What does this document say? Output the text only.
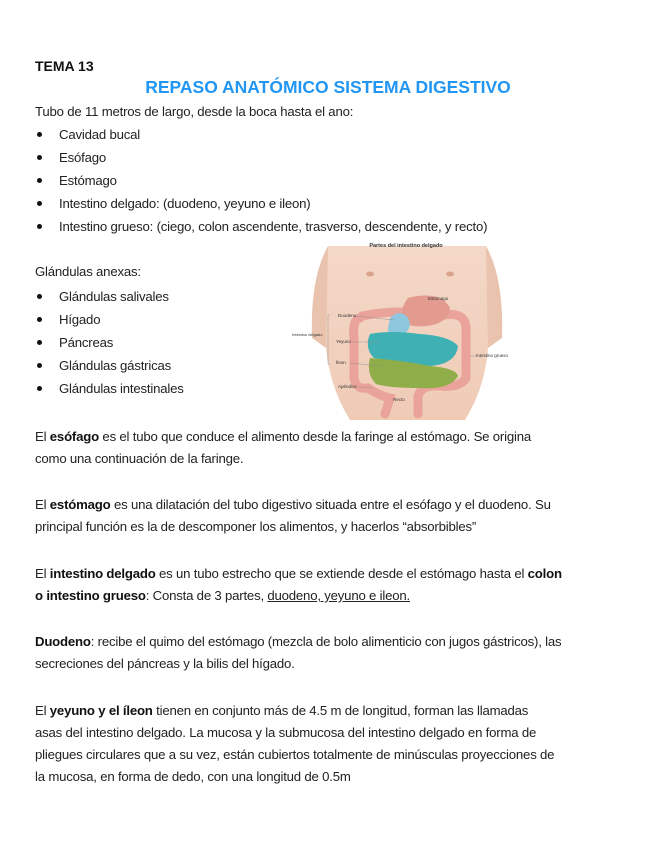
TEMA 13
REPASO ANATÓMICO SISTEMA DIGESTIVO
Tubo de 11 metros de largo, desde la boca hasta el ano:
Cavidad bucal
Esófago
Estómago
Intestino delgado: (duodeno, yeyuno e ileon)
Intestino grueso: (ciego, colon ascendente, trasverso, descendente, y recto)
Glándulas anexas:
Glándulas salivales
Hígado
Páncreas
Glándulas gástricas
Glándulas intestinales
Partes del intestino delgado
Estómago
Duodeno
Intestino delgado
Yeyuno
Íleon
Apéndice
Recto
Intestino grueso
El esófago es el tubo que conduce el alimento desde la faringe al estómago. Se origina
como una continuación de la faringe.
El estómago es una dilatación del tubo digestivo situada entre el esófago y el duodeno. Su
principal función es la de descomponer los alimentos, y hacerlos “absorbibles”
El intestino delgado es un tubo estrecho que se extiende desde el estómago hasta el colon
o intestino grueso: Consta de 3 partes, duodeno, yeyuno e ileon.
Duodeno: recibe el quimo del estómago (mezcla de bolo alimenticio con jugos gástricos), las
secreciones del páncreas y la bilis del hígado.
El yeyuno y el íleon tienen en conjunto más de 4.5 m de longitud, forman las llamadas
asas del intestino delgado. La mucosa y la submucosa del intestino delgado en forma de
pliegues circulares que a su vez, están cubiertos totalmente de minúsculas proyecciones de
la mucosa, en forma de dedo, con una longitud de 0.5m
